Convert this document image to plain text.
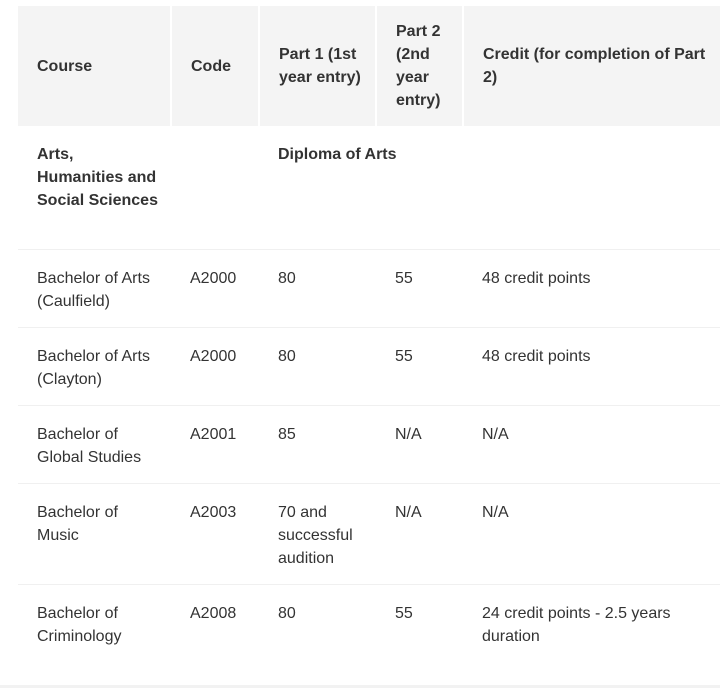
Course	Code	Part 1 (1st year entry)	Part 2 (2nd year entry)	Credit (for completion of Part 2)
Arts, Humanities and Social Sciences		Diploma of Arts		
Bachelor of Arts (Caulfield)	A2000	80	55	48 credit points
Bachelor of Arts (Clayton)	A2000	80	55	48 credit points
Bachelor of Global Studies	A2001	85	N/A	N/A
Bachelor of Music	A2003	70 and successful audition	N/A	N/A
Bachelor of Criminology	A2008	80	55	24 credit points - 2.5 years duration
